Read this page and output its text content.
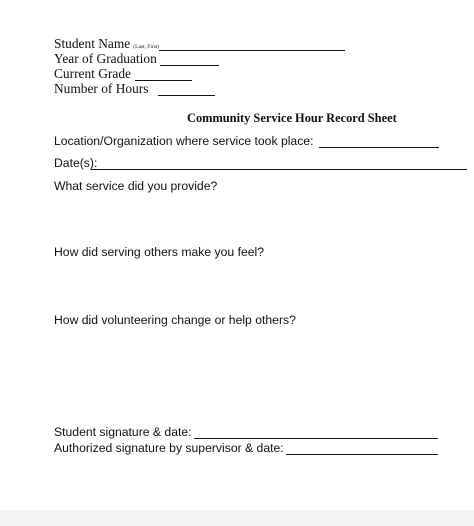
Student Name (Last, First)
Year of Graduation
Current Grade
Number of Hours
Community Service Hour Record Sheet
Location/Organization where service took place:
Date(s):
What service did you provide?
How did serving others make you feel?
How did volunteering change or help others?
Student signature & date:
Authorized signature by supervisor & date:
